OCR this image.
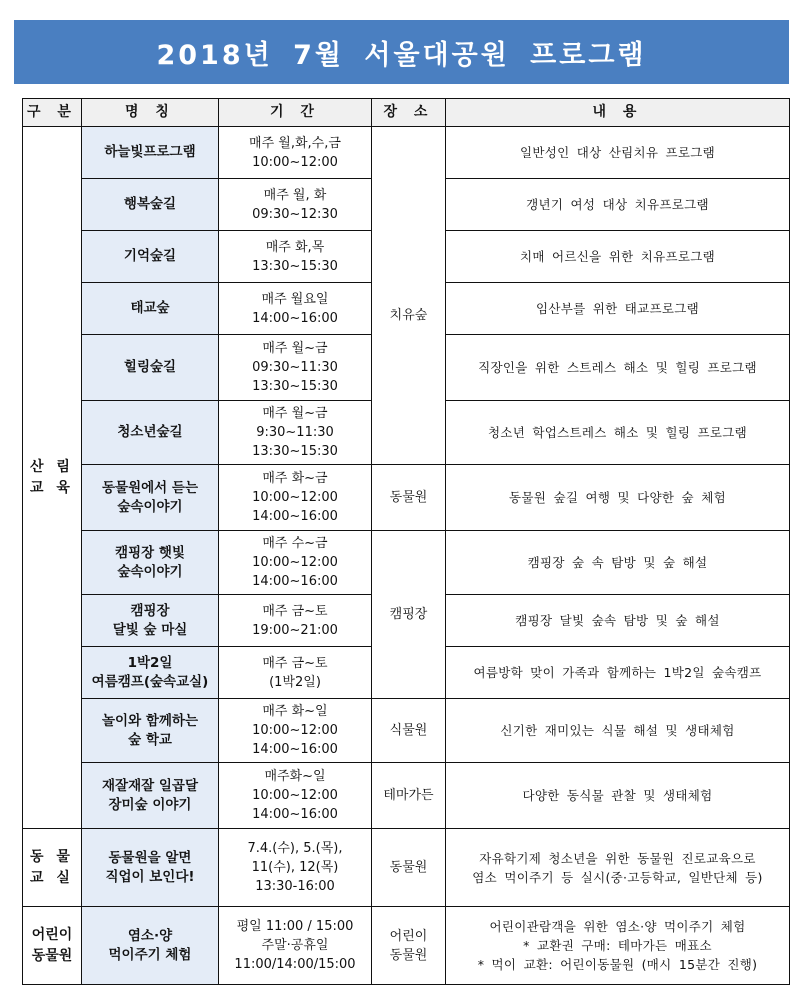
2018년 7월 서울대공원 프로그램
구 분	명 칭	기 간	장 소	내 용

산 림
교 육	하늘빛프로그램	매주 월,화,수,금
10:00~12:00	치유숲	일반성인 대상 산림치유 프로그램

	행복숲길	매주 월, 화
09:30~12:30		갱년기 여성 대상 치유프로그램

	기억숲길	매주 화,목
13:30~15:30		치매 어르신을 위한 치유프로그램

	태교숲	매주 월요일
14:00~16:00		임산부를 위한 태교프로그램

	힐링숲길	매주 월~금
09:30~11:30
13:30~15:30		직장인을 위한 스트레스 해소 및 힐링 프로그램

	청소년숲길	매주 월~금
9:30~11:30
13:30~15:30		청소년 학업스트레스 해소 및 힐링 프로그램

	동물원에서 듣는
숲속이야기	매주 화~금
10:00~12:00
14:00~16:00	동물원	동물원 숲길 여행 및 다양한 숲 체험

	캠핑장 햇빛
숲속이야기	매주 수~금
10:00~12:00
14:00~16:00	캠핑장	캠핑장 숲 속 탐방 및 숲 해설

	캠핑장
달빛 숲 마실	매주 금~토
19:00~21:00		캠핑장 달빛 숲속 탐방 및 숲 해설

	1박2일
여름캠프(숲속교실)	매주 금~토
(1박2일)		여름방학 맞이 가족과 함께하는 1박2일 숲속캠프

	놀이와 함께하는
숲 학교	매주 화~일
10:00~12:00
14:00~16:00	식물원	신기한 재미있는 식물 해설 및 생태체험

	재잘재잘 일곱달
장미숲 이야기	매주화~일
10:00~12:00
14:00~16:00	테마가든	다양한 동식물 관찰 및 생태체험

동 물
교 실	동물원을 알면
직업이 보인다!	7.4.(수), 5.(목),
11(수), 12(목)
13:30-16:00	동물원	자유학기제 청소년을 위한 동물원 진로교육으로
염소 먹이주기 등 실시(중·고등학교, 일반단체 등)

어린이
동물원	염소·양
먹이주기 체험	평일 11:00 / 15:00
주말·공휴일
11:00/14:00/15:00	어린이
동물원	어린이관람객을 위한 염소·양 먹이주기 체험
* 교환권 구매: 테마가든 매표소
* 먹이 교환: 어린이동물원 (매시 15분간 진행)
